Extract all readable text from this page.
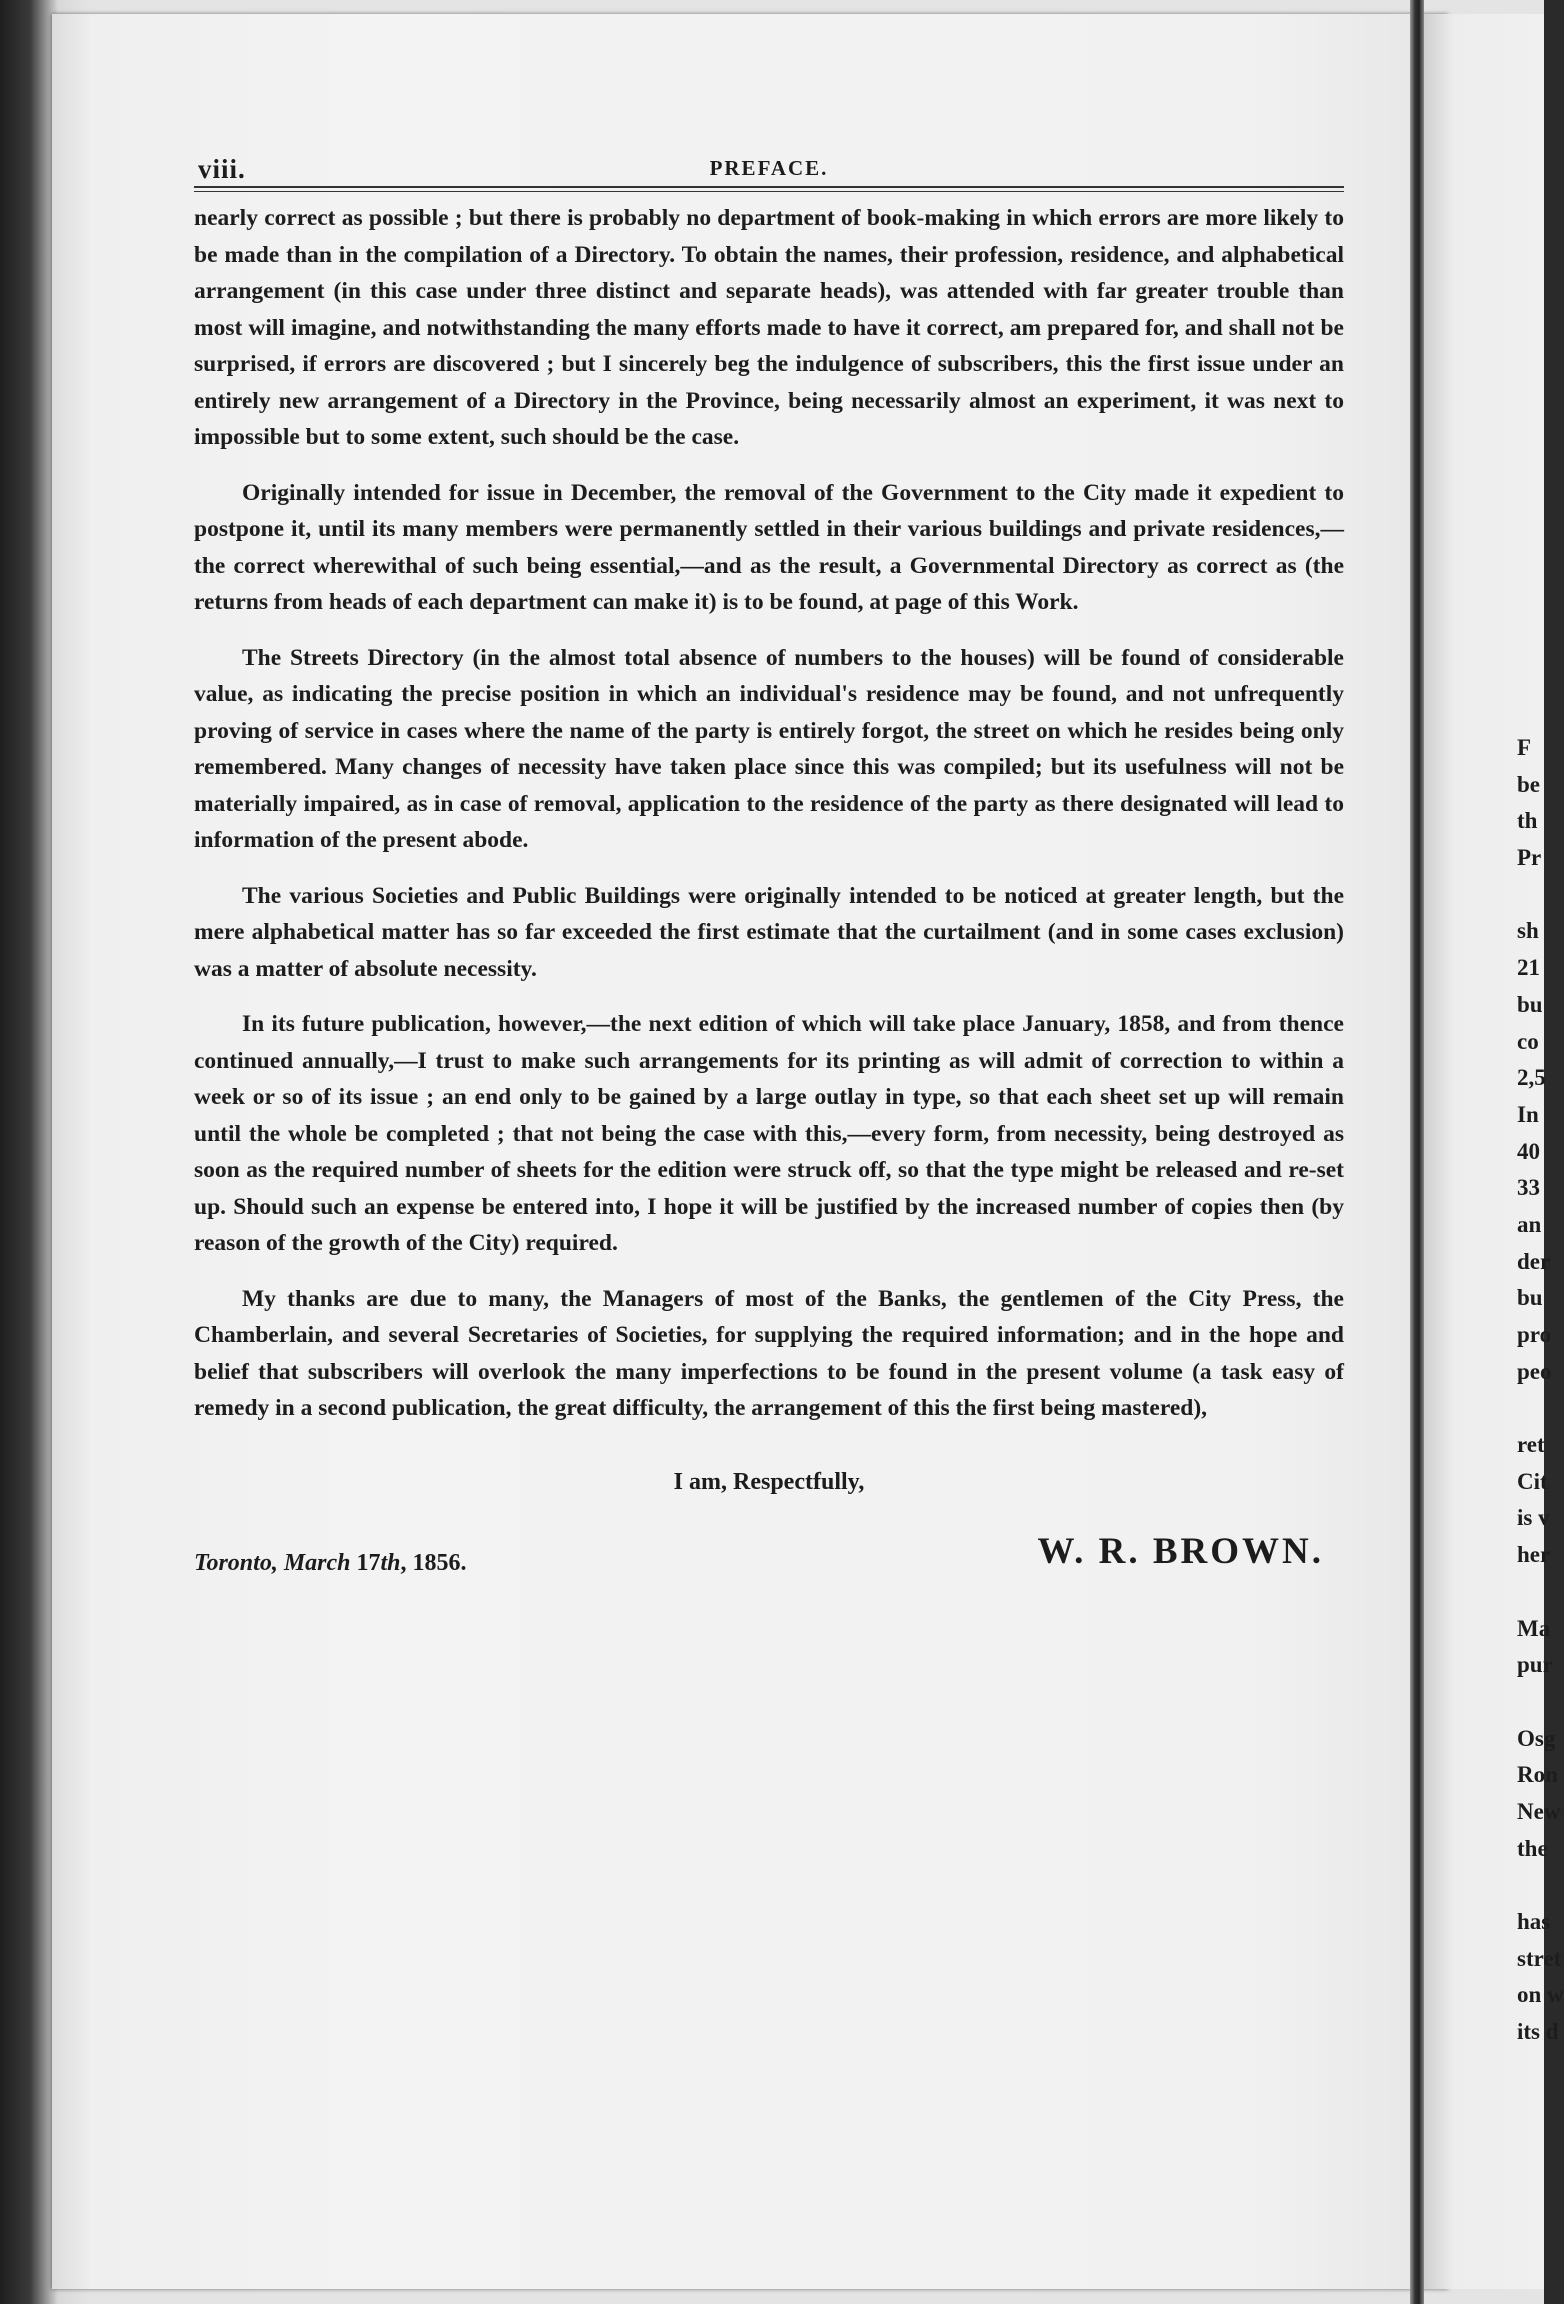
viii.	PREFACE.

nearly correct as possible ; but there is probably no department of book-making in which errors are more likely to be made than in the compilation of a Directory. To obtain the names, their profession, residence, and alphabetical arrangement (in this case under three distinct and separate heads), was attended with far greater trouble than most will imagine, and notwithstanding the many efforts made to have it correct, am prepared for, and shall not be surprised, if errors are discovered ; but I sincerely beg the indulgence of subscribers, this the first issue under an entirely new arrangement of a Directory in the Province, being necessarily almost an experiment, it was next to impossible but to some extent, such should be the case.

Originally intended for issue in December, the removal of the Government to the City made it expedient to postpone it, until its many members were permanently settled in their various buildings and private residences,—the correct wherewithal of such being essential,—and as the result, a Governmental Directory as correct as (the returns from heads of each department can make it) is to be found, at page of this Work.

The Streets Directory (in the almost total absence of numbers to the houses) will be found of considerable value, as indicating the precise position in which an individual's residence may be found, and not unfrequently proving of service in cases where the name of the party is entirely forgot, the street on which he resides being only remembered. Many changes of necessity have taken place since this was compiled; but its usefulness will not be materially impaired, as in case of removal, application to the residence of the party as there designated will lead to information of the present abode.

The various Societies and Public Buildings were originally intended to be noticed at greater length, but the mere alphabetical matter has so far exceeded the first estimate that the curtailment (and in some cases exclusion) was a matter of absolute necessity.

In its future publication, however,—the next edition of which will take place January, 1858, and from thence continued annually,—I trust to make such arrangements for its printing as will admit of correction to within a week or so of its issue ; an end only to be gained by a large outlay in type, so that each sheet set up will remain until the whole be completed ; that not being the case with this,—every form, from necessity, being destroyed as soon as the required number of sheets for the edition were struck off, so that the type might be released and re-set up. Should such an expense be entered into, I hope it will be justified by the increased number of copies then (by reason of the growth of the City) required.

My thanks are due to many, the Managers of most of the Banks, the gentlemen of the City Press, the Chamberlain, and several Secretaries of Societies, for supplying the required information; and in the hope and belief that subscribers will overlook the many imperfections to be found in the present volume (a task easy of remedy in a second publication, the great difficulty, the arrangement of this the first being mastered),

I am, Respectfully,
Toronto, March 17th, 1856.	W. R. BROWN.
F
be
th
Pr
sh
21
bu
co
2,5
In
40
33
an
der
bu
pro
peo
ret
Cit
is v
her
Ma
pur
Osg
Ron
New
the
has
stret
on w
its d
